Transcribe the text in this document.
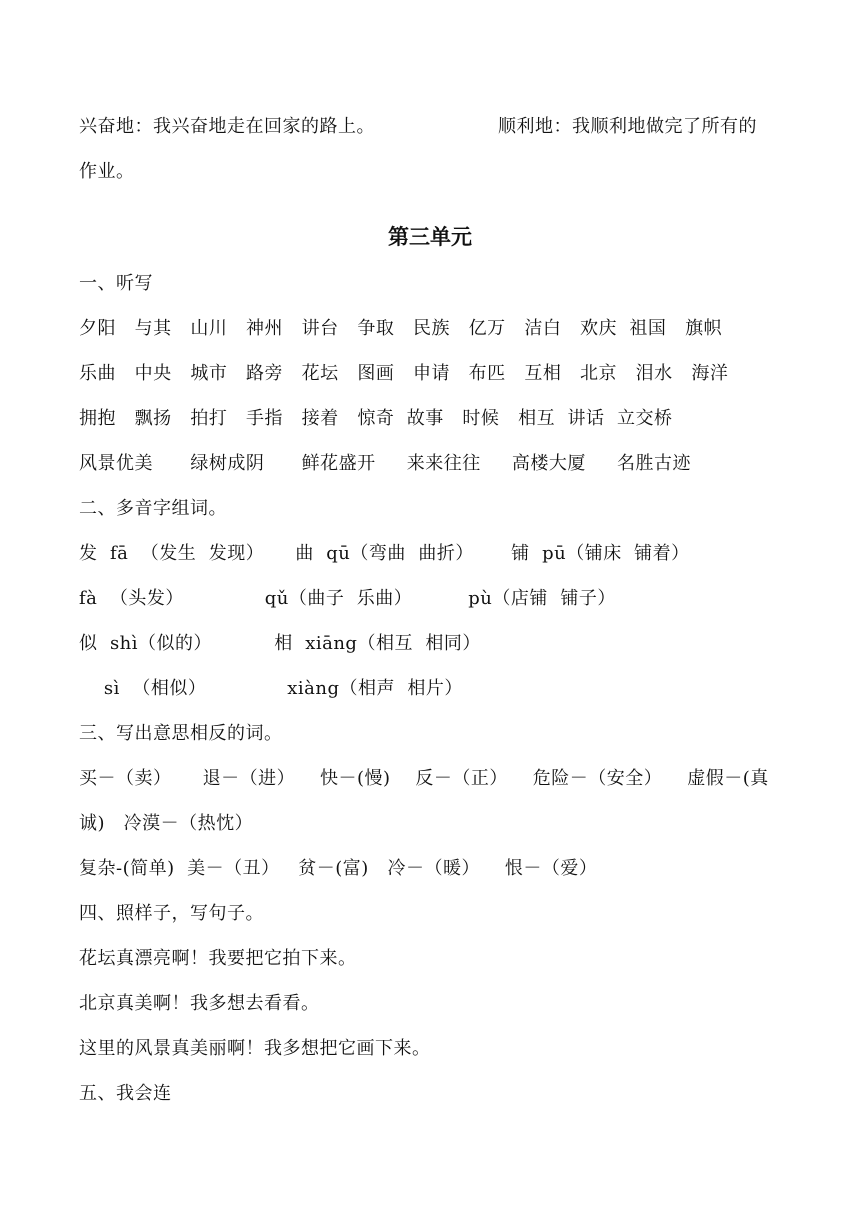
兴奋地：我兴奋地走在回家的路上。	顺利地：我顺利地做完了所有的
作业。
第三单元
一、听写
夕阳   与其   山川   神州   讲台   争取   民族   亿万   洁白   欢庆  祖国   旗帜
乐曲   中央   城市   路旁   花坛   图画   申请   布匹   互相   北京   泪水   海洋
拥抱   飘扬   拍打   手指   接着   惊奇  故事   时候   相互  讲话  立交桥
风景优美      绿树成阴      鲜花盛开     来来往往     高楼大厦     名胜古迹
二、多音字组词。
发  fā  （发生  发现）     曲  qū（弯曲  曲折）      铺  pū（铺床  铺着）
fà  （头发）             qǔ（曲子  乐曲）         pù（店铺  铺子）
似  shì（似的）          相  xiāng（相互  相同）
sì  （相似）             xiàng（相声  相片）
三、写出意思相反的词。
买－（卖）     退－（进）    快－(慢)    反－（正）    危险－（安全）    虚假－(真
诚)   冷漠－（热忱）
复杂-(简单)  美－（丑）   贫－(富)   冷－（暖）    恨－（爱）
四、照样子，写句子。
花坛真漂亮啊！我要把它拍下来。
北京真美啊！我多想去看看。
这里的风景真美丽啊！我多想把它画下来。
五、我会连
